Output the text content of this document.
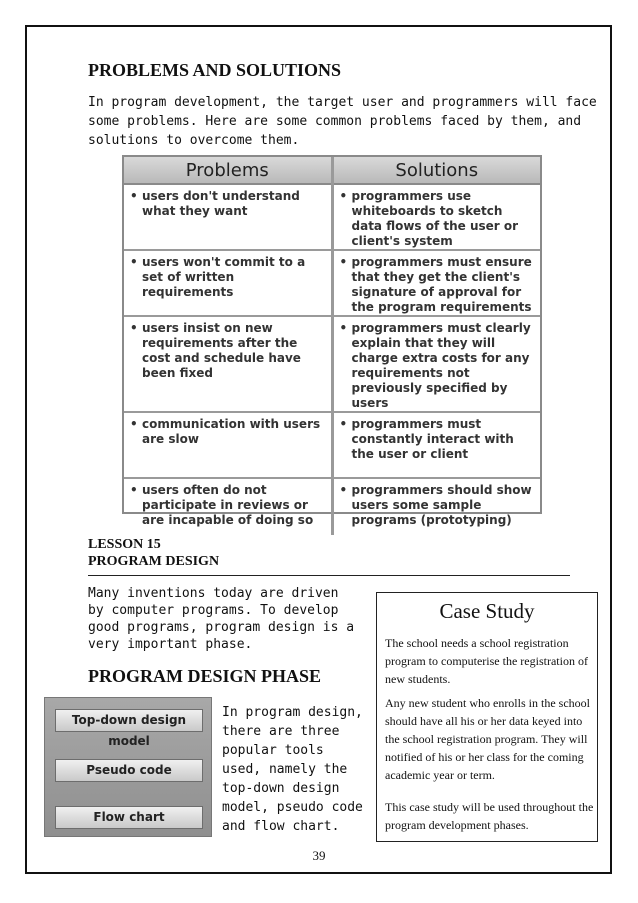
PROBLEMS AND SOLUTIONS

In program development, the target user and programmers will face some problems. Here are some common problems faced by them, and solutions to overcome them.

Problems	Solutions

• users don't understand what they want	• programmers use whiteboards to sketch data flows of the user or client's system

• users won't commit to a set of written requirements	• programmers must ensure that they get the client's signature of approval for the program requirements

• users insist on new requirements after the cost and schedule have been fixed	• programmers must clearly explain that they will charge extra costs for any requirements not previously specified by users

• communication with users are slow	• programmers must constantly interact with the user or client

• users often do not participate in reviews or are incapable of doing so	• programmers should show users some sample programs (prototyping)
LESSON 15
PROGRAM DESIGN

Many inventions today are driven by computer programs. To develop good programs, program design is a very important phase.

PROGRAM DESIGN PHASE
Top-down design model
Pseudo code
Flow chart

In program design, there are three popular tools used, namely the top-down design model, pseudo code and flow chart.

Case Study

The school needs a school registration program to computerise the registration of new students.

Any new student who enrolls in the school should have all his or her data keyed into the school registration program. They will notified of his or her class for the coming academic year or term.

This case study will be used throughout the program development phases.

39
